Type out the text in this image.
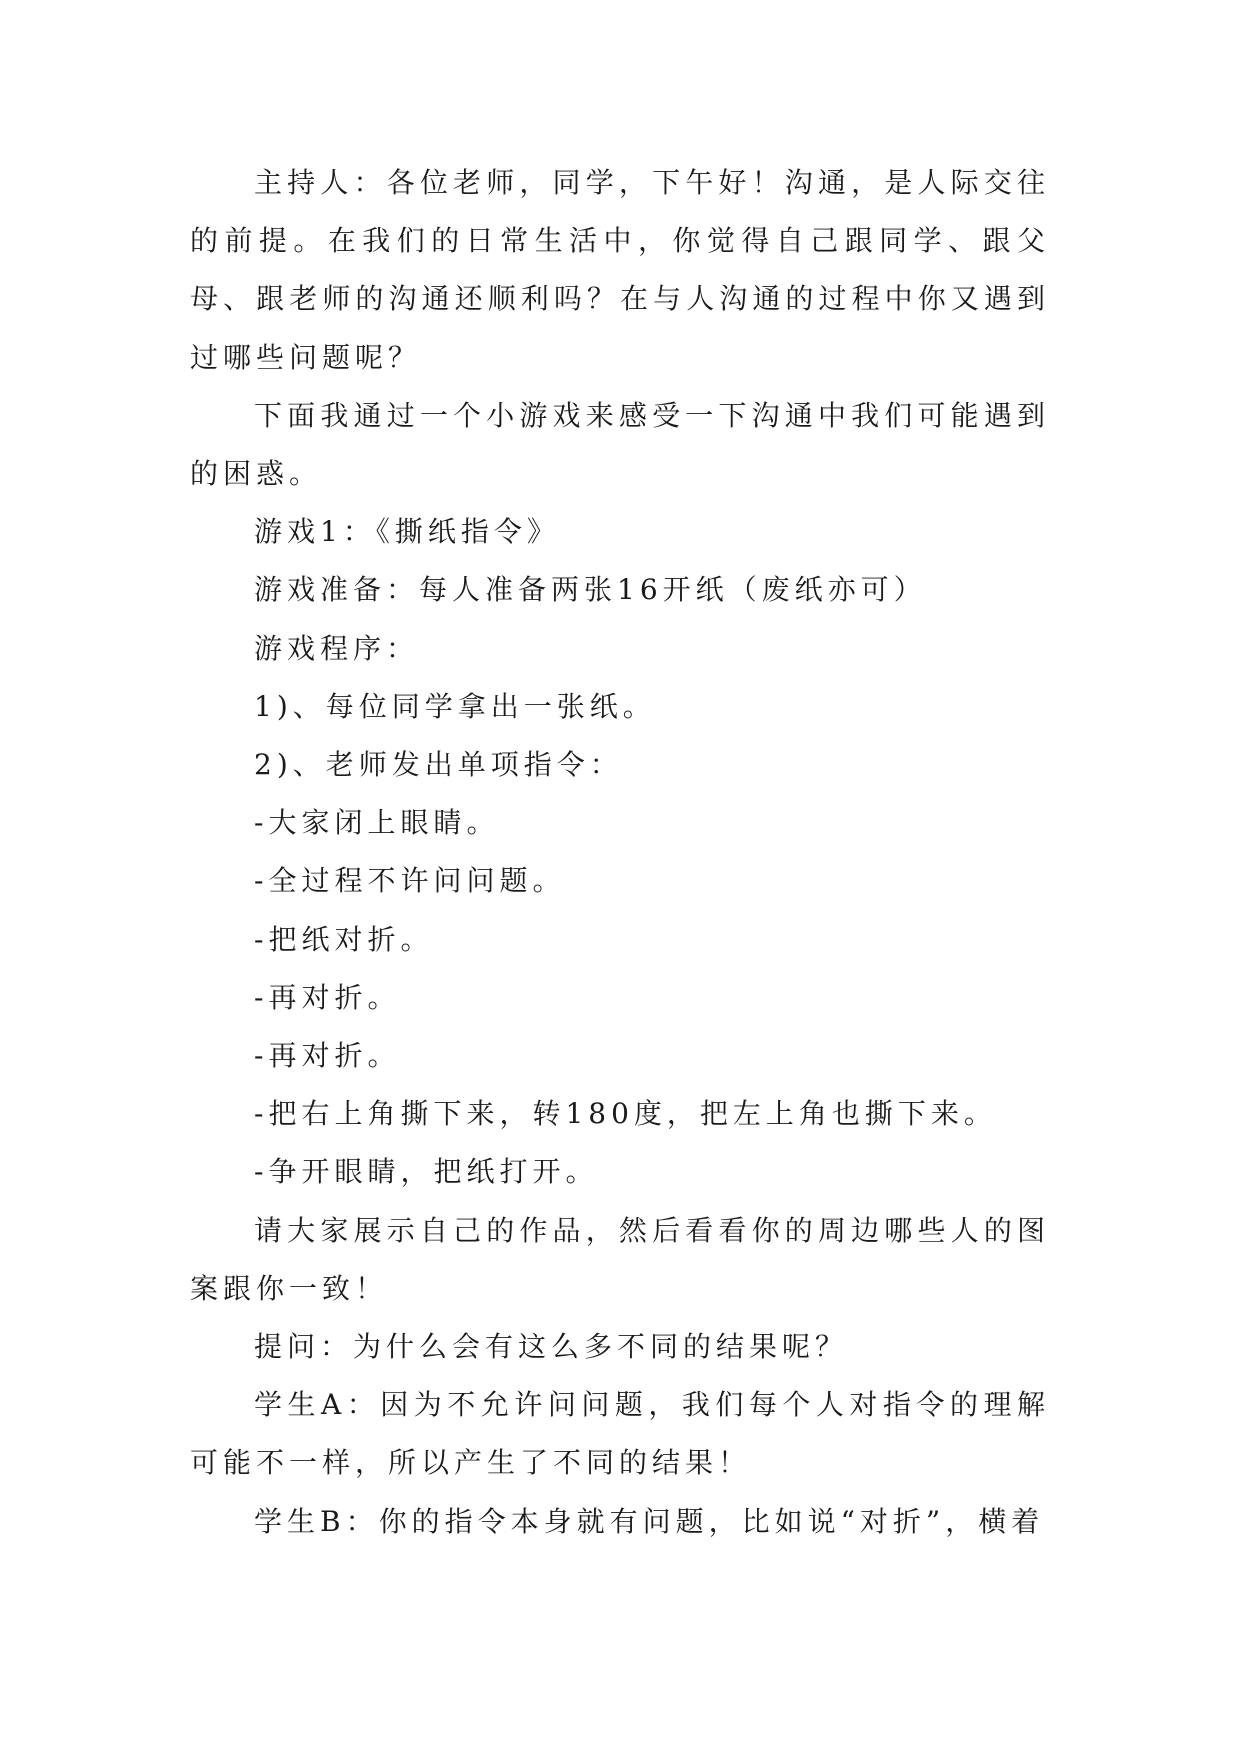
主持人：各位老师，同学，下午好！沟通，是人际交往的前提。在我们的日常生活中，你觉得自己跟同学、跟父母、跟老师的沟通还顺利吗？在与人沟通的过程中你又遇到过哪些问题呢？

下面我通过一个小游戏来感受一下沟通中我们可能遇到的困惑。

游戏1：《撕纸指令》

游戏准备：每人准备两张16开纸（废纸亦可）

游戏程序：

1)、每位同学拿出一张纸。

2)、老师发出单项指令：

-大家闭上眼睛。

-全过程不许问问题。

-把纸对折。

-再对折。

-再对折。

-把右上角撕下来，转180度，把左上角也撕下来。

-争开眼睛，把纸打开。

请大家展示自己的作品，然后看看你的周边哪些人的图案跟你一致！

提问：为什么会有这么多不同的结果呢？

学生A：因为不允许问问题，我们每个人对指令的理解可能不一样，所以产生了不同的结果！

学生B：你的指令本身就有问题，比如说“对折”，横着
